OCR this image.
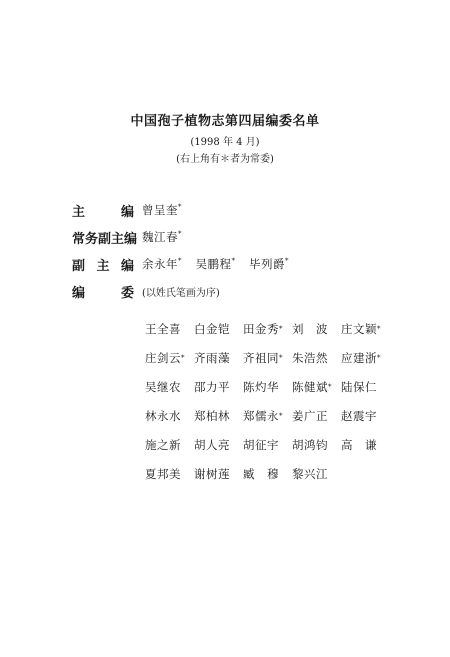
中国孢子植物志第四届编委名单
(1998 年 4 月)
(右上角有＊者为常委)
主编 曾呈奎*
常务副主编 魏江春*
副主编 余永年* 吴鹏程* 毕列爵*
编委 (以姓氏笔画为序)
王全喜 白金铠 田金秀 * 刘　波 庄文颖 *
庄剑云 * 齐雨藻 齐祖同 * 朱浩然 应建浙 *
吴继农 邵力平 陈灼华 陈健斌 * 陆保仁
林永水 郑柏林 郑儒永 * 姜广正 赵震宇
施之新 胡人亮 胡征宇 胡鸿钧 高　谦
夏邦美 谢树莲 臧　穆 黎兴江
